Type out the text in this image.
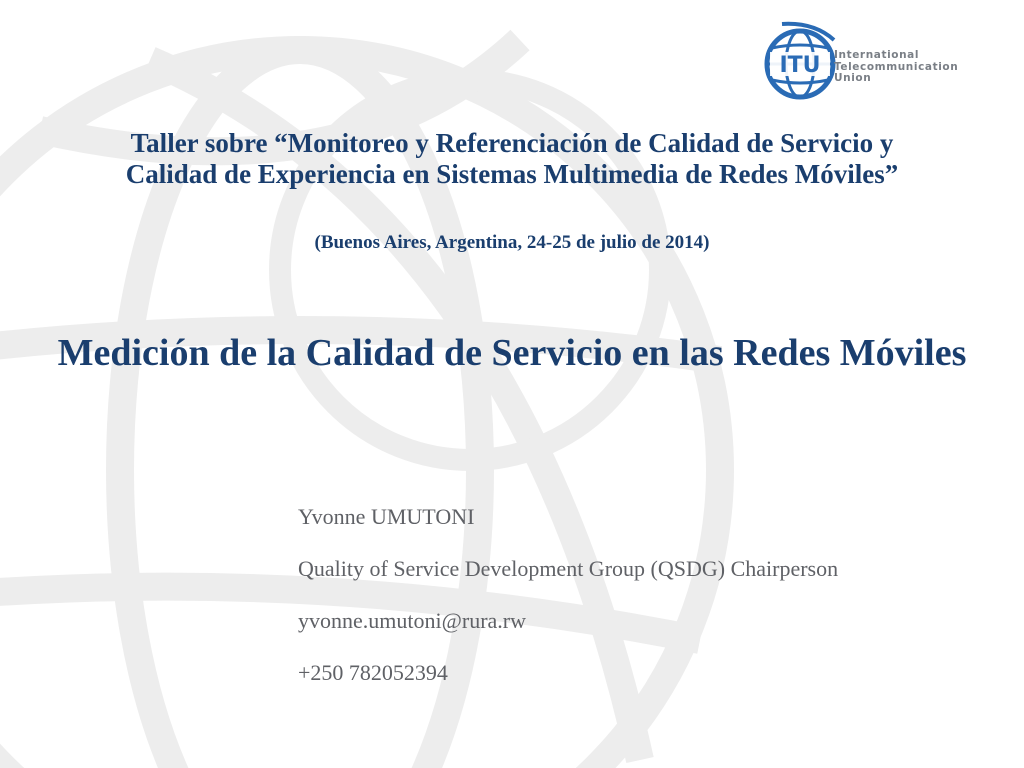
ITU International
Telecommunication
Union
Taller sobre “Monitoreo y Referenciación de Calidad de Servicio y
Calidad de Experiencia en Sistemas Multimedia de Redes Móviles”
(Buenos Aires, Argentina, 24-25 de julio de 2014)
Medición de la Calidad de Servicio en las Redes Móviles
Yvonne UMUTONI
Quality of Service Development Group (QSDG) Chairperson
yvonne.umutoni@rura.rw
+250 782052394
